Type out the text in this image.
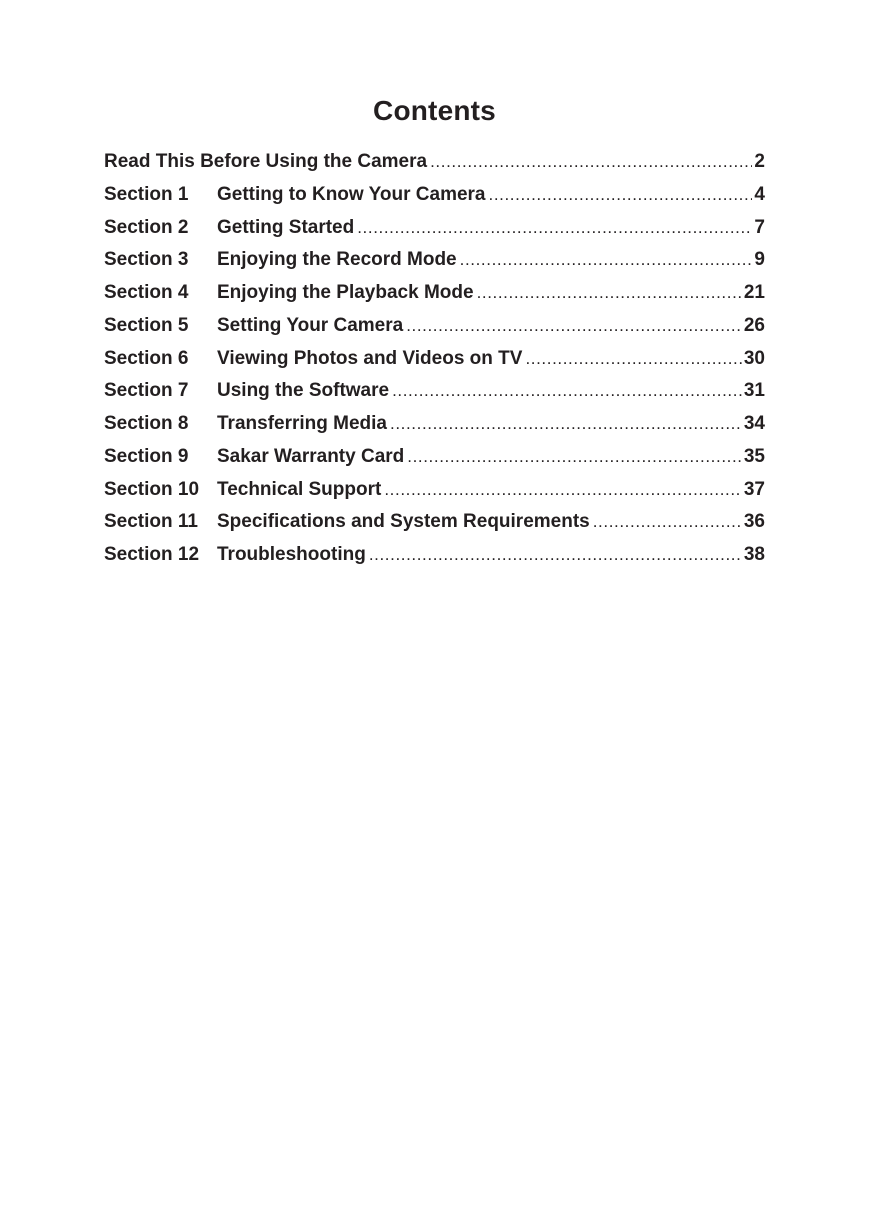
Contents
Read This Before Using the Camera .....	2
Section 1	Getting to Know Your Camera .....	4
Section 2	Getting Started .....	7
Section 3	Enjoying the Record Mode .....	9
Section 4	Enjoying the Playback Mode .....	21
Section 5	Setting Your Camera .....	26
Section 6	Viewing Photos and Videos on TV .....	30
Section 7	Using the Software .....	31
Section 8	Transferring Media .....	34
Section 9	Sakar Warranty Card .....	35
Section 10 Technical Support .....	37
Section 11	Specifications and System Requirements .....	36
Section 12 Troubleshooting .....	38
